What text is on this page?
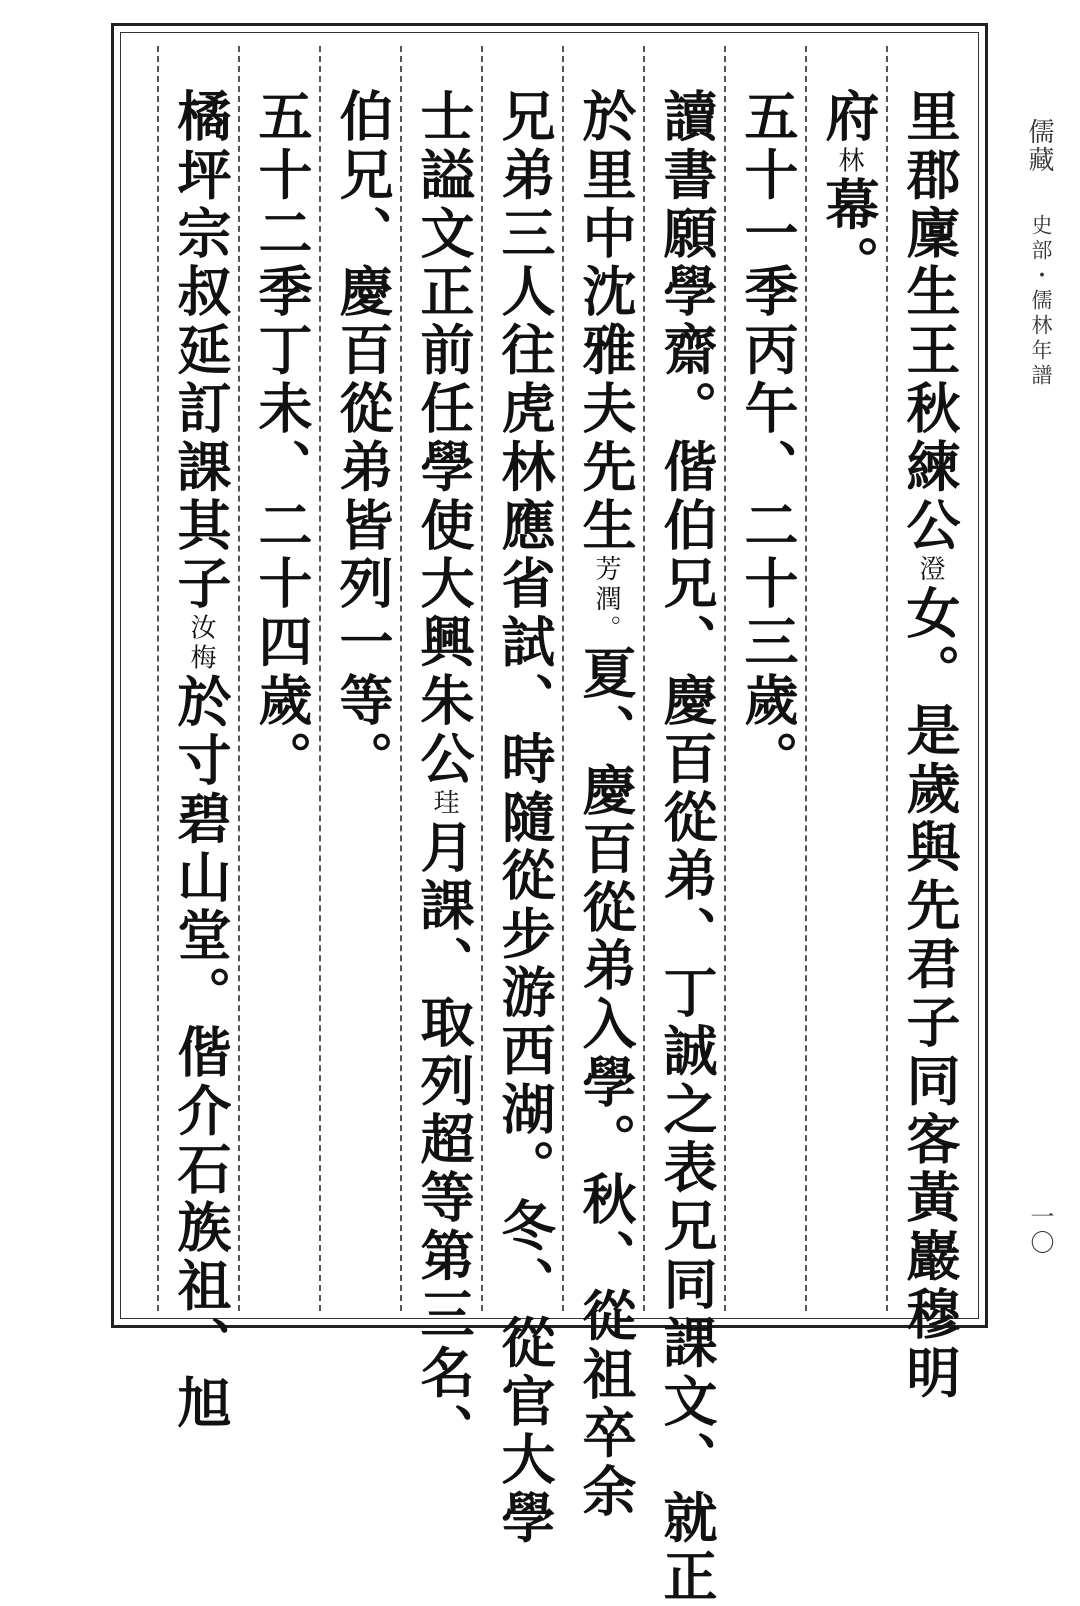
里郡廩生王秋練公澄女。是歲與先君子同客黃巖穆明
府林幕。
五十一季丙午、二十三歲。
讀書願學齋。偕伯兄、慶百從弟、丁誠之表兄同課文、就正
於里中沈雅夫先生芳潤。夏、慶百從弟入學。秋、從祖卒余
兄弟三人往虎林應省試、時隨從步游西湖。冬、從官大學
士謚文正前任學使大興朱公珪月課、取列超等第三名、
伯兄、慶百從弟皆列一等。
五十二季丁未、二十四歲。
橘坪宗叔延訂課其子汝梅於寸碧山堂。偕介石族祖、旭
儒藏
史部・儒林年譜
一〇
